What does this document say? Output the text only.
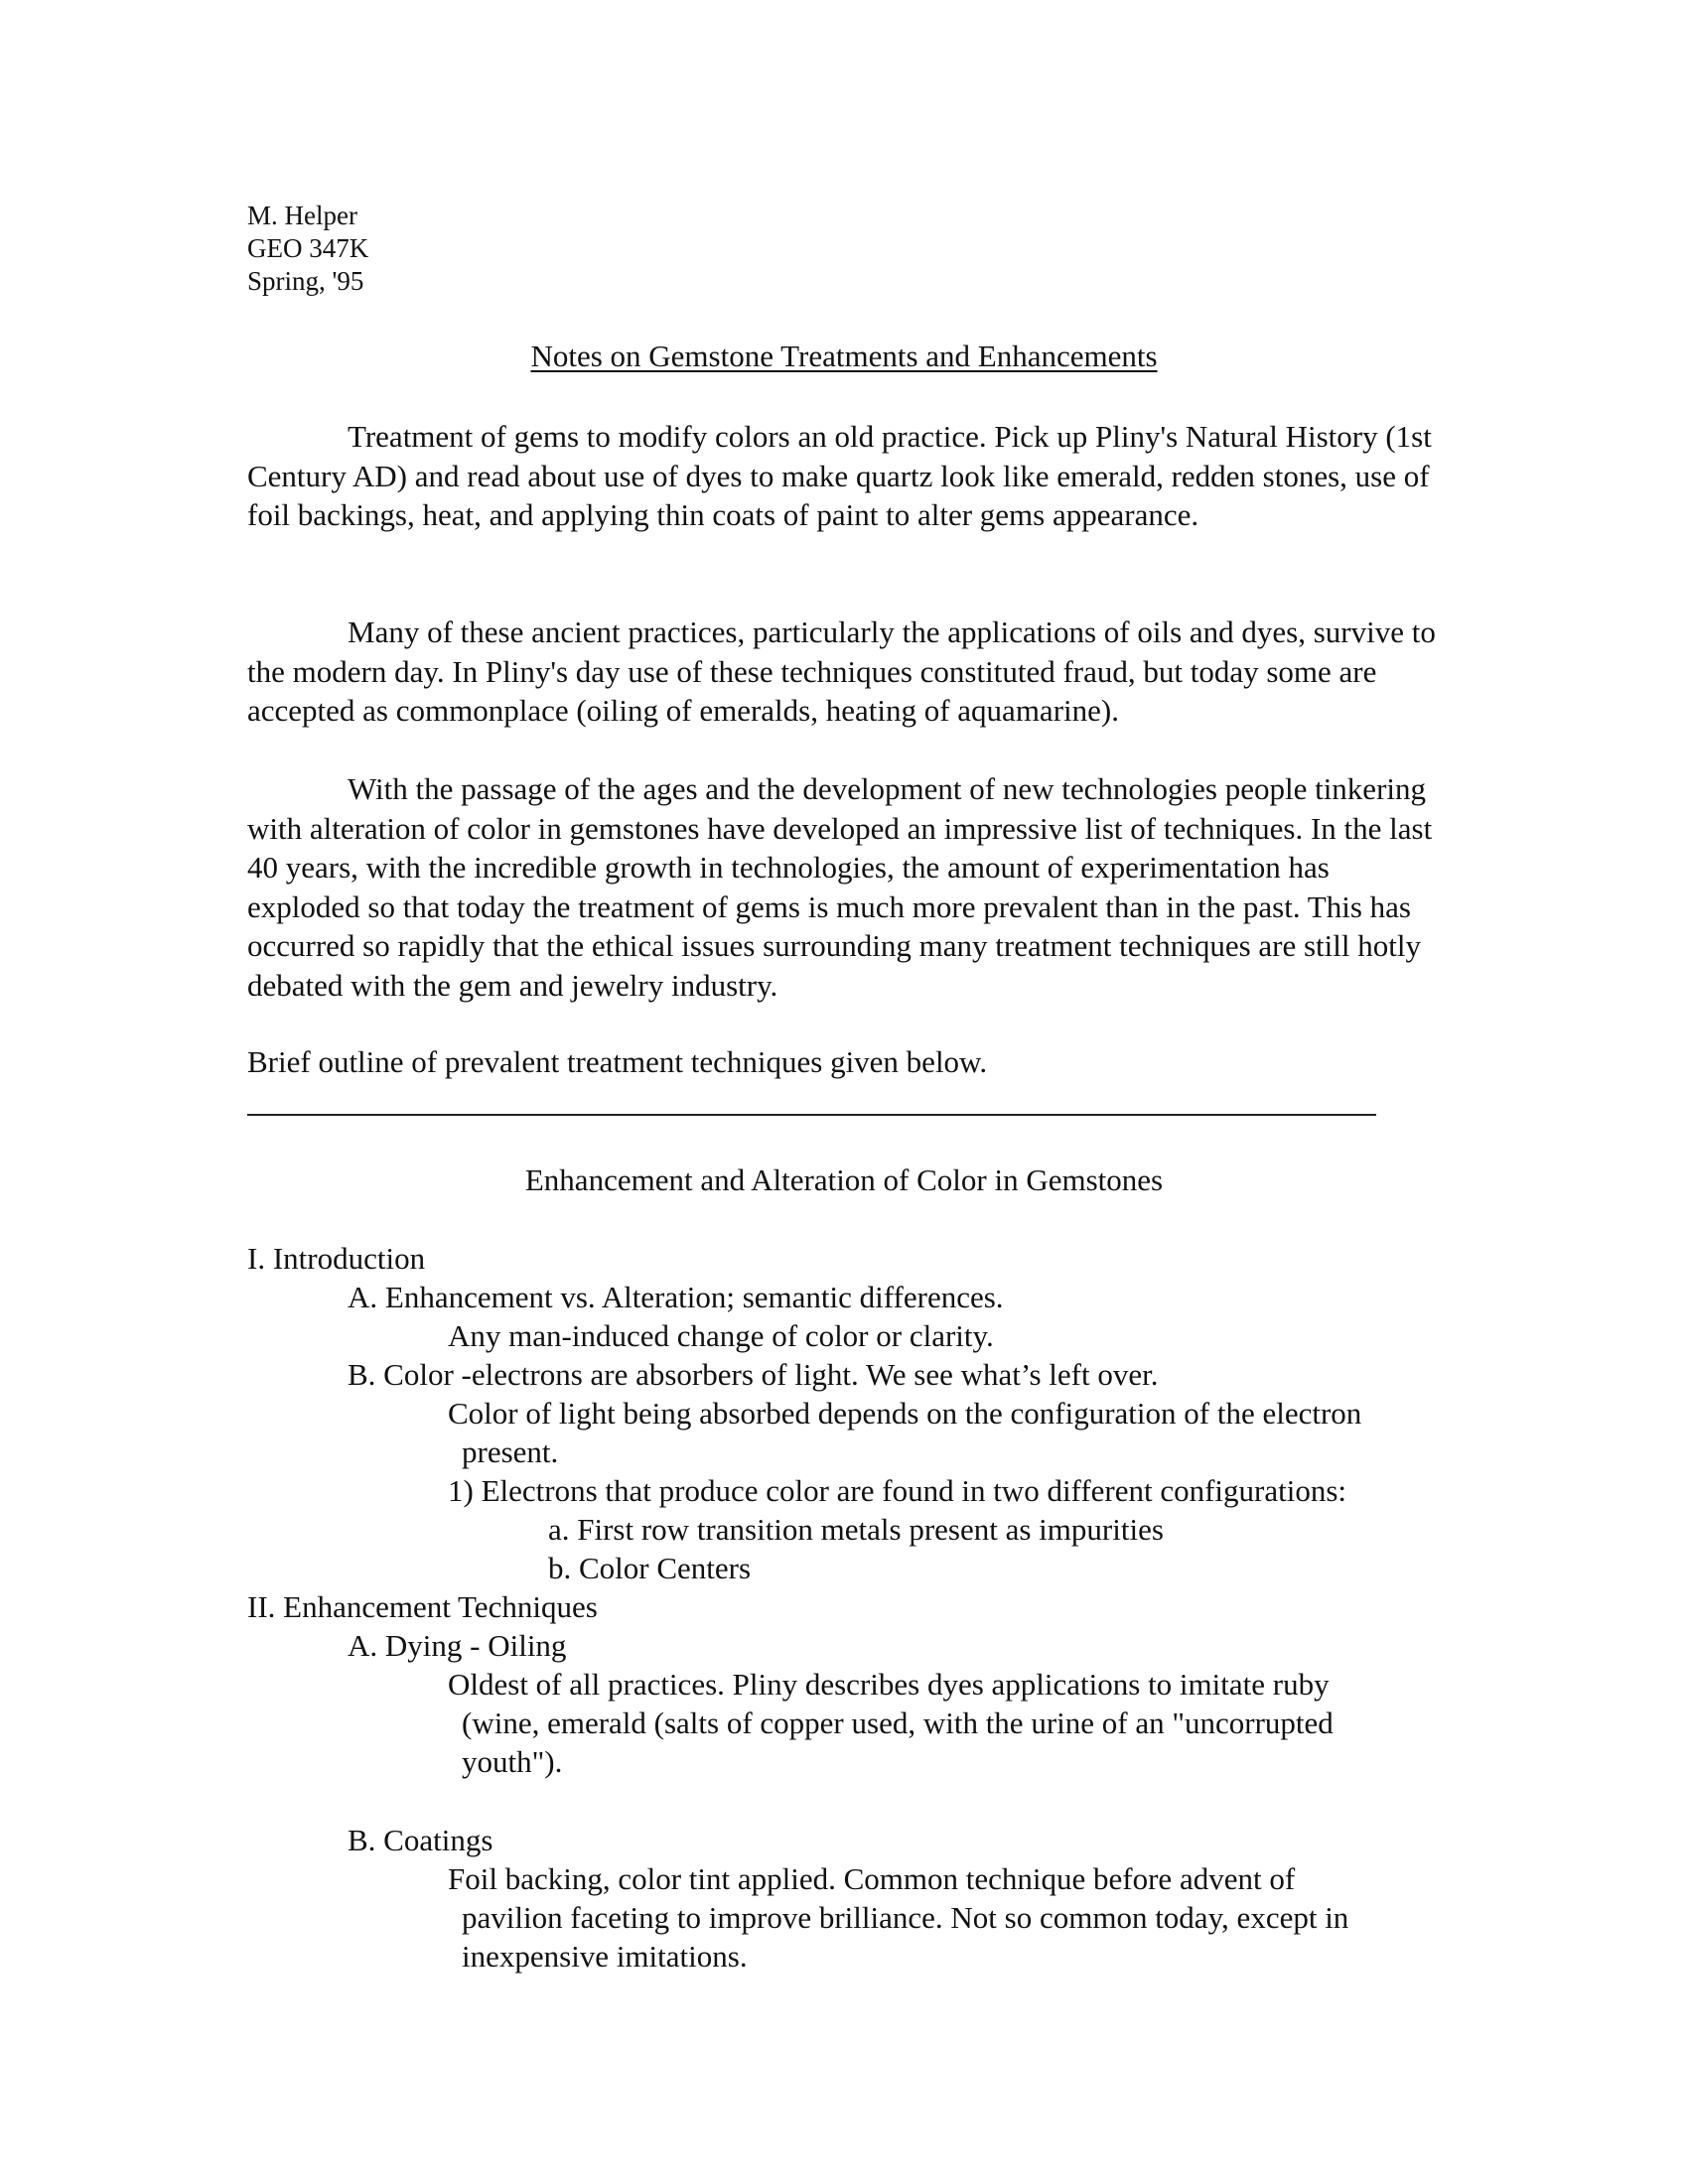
M. Helper
GEO 347K
Spring, '95
Notes on Gemstone Treatments and Enhancements

Treatment of gems to modify colors an old practice. Pick up Pliny's Natural History (1st Century AD) and read about use of dyes to make quartz look like emerald, redden stones, use of foil backings, heat, and applying thin coats of paint to alter gems appearance.

Many of these ancient practices, particularly the applications of oils and dyes, survive to the modern day. In Pliny's day use of these techniques constituted fraud, but today some are accepted as commonplace (oiling of emeralds, heating of aquamarine).

With the passage of the ages and the development of new technologies people tinkering with alteration of color in gemstones have developed an impressive list of techniques. In the last 40 years, with the incredible growth in technologies, the amount of experimentation has exploded so that today the treatment of gems is much more prevalent than in the past. This has occurred so rapidly that the ethical issues surrounding many treatment techniques are still hotly debated with the gem and jewelry industry.

Brief outline of prevalent treatment techniques given below.

Enhancement and Alteration of Color in Gemstones
I. Introduction
A. Enhancement vs. Alteration; semantic differences.
Any man-induced change of color or clarity.
B. Color -electrons are absorbers of light. We see what’s left over.
Color of light being absorbed depends on the configuration of the electron
present.
1) Electrons that produce color are found in two different configurations:
a. First row transition metals present as impurities
b. Color Centers
II. Enhancement Techniques
A. Dying - Oiling
Oldest of all practices. Pliny describes dyes applications to imitate ruby
(wine, emerald (salts of copper used, with the urine of an "uncorrupted
youth").
B. Coatings
Foil backing, color tint applied. Common technique before advent of
pavilion faceting to improve brilliance. Not so common today, except in
inexpensive imitations.
